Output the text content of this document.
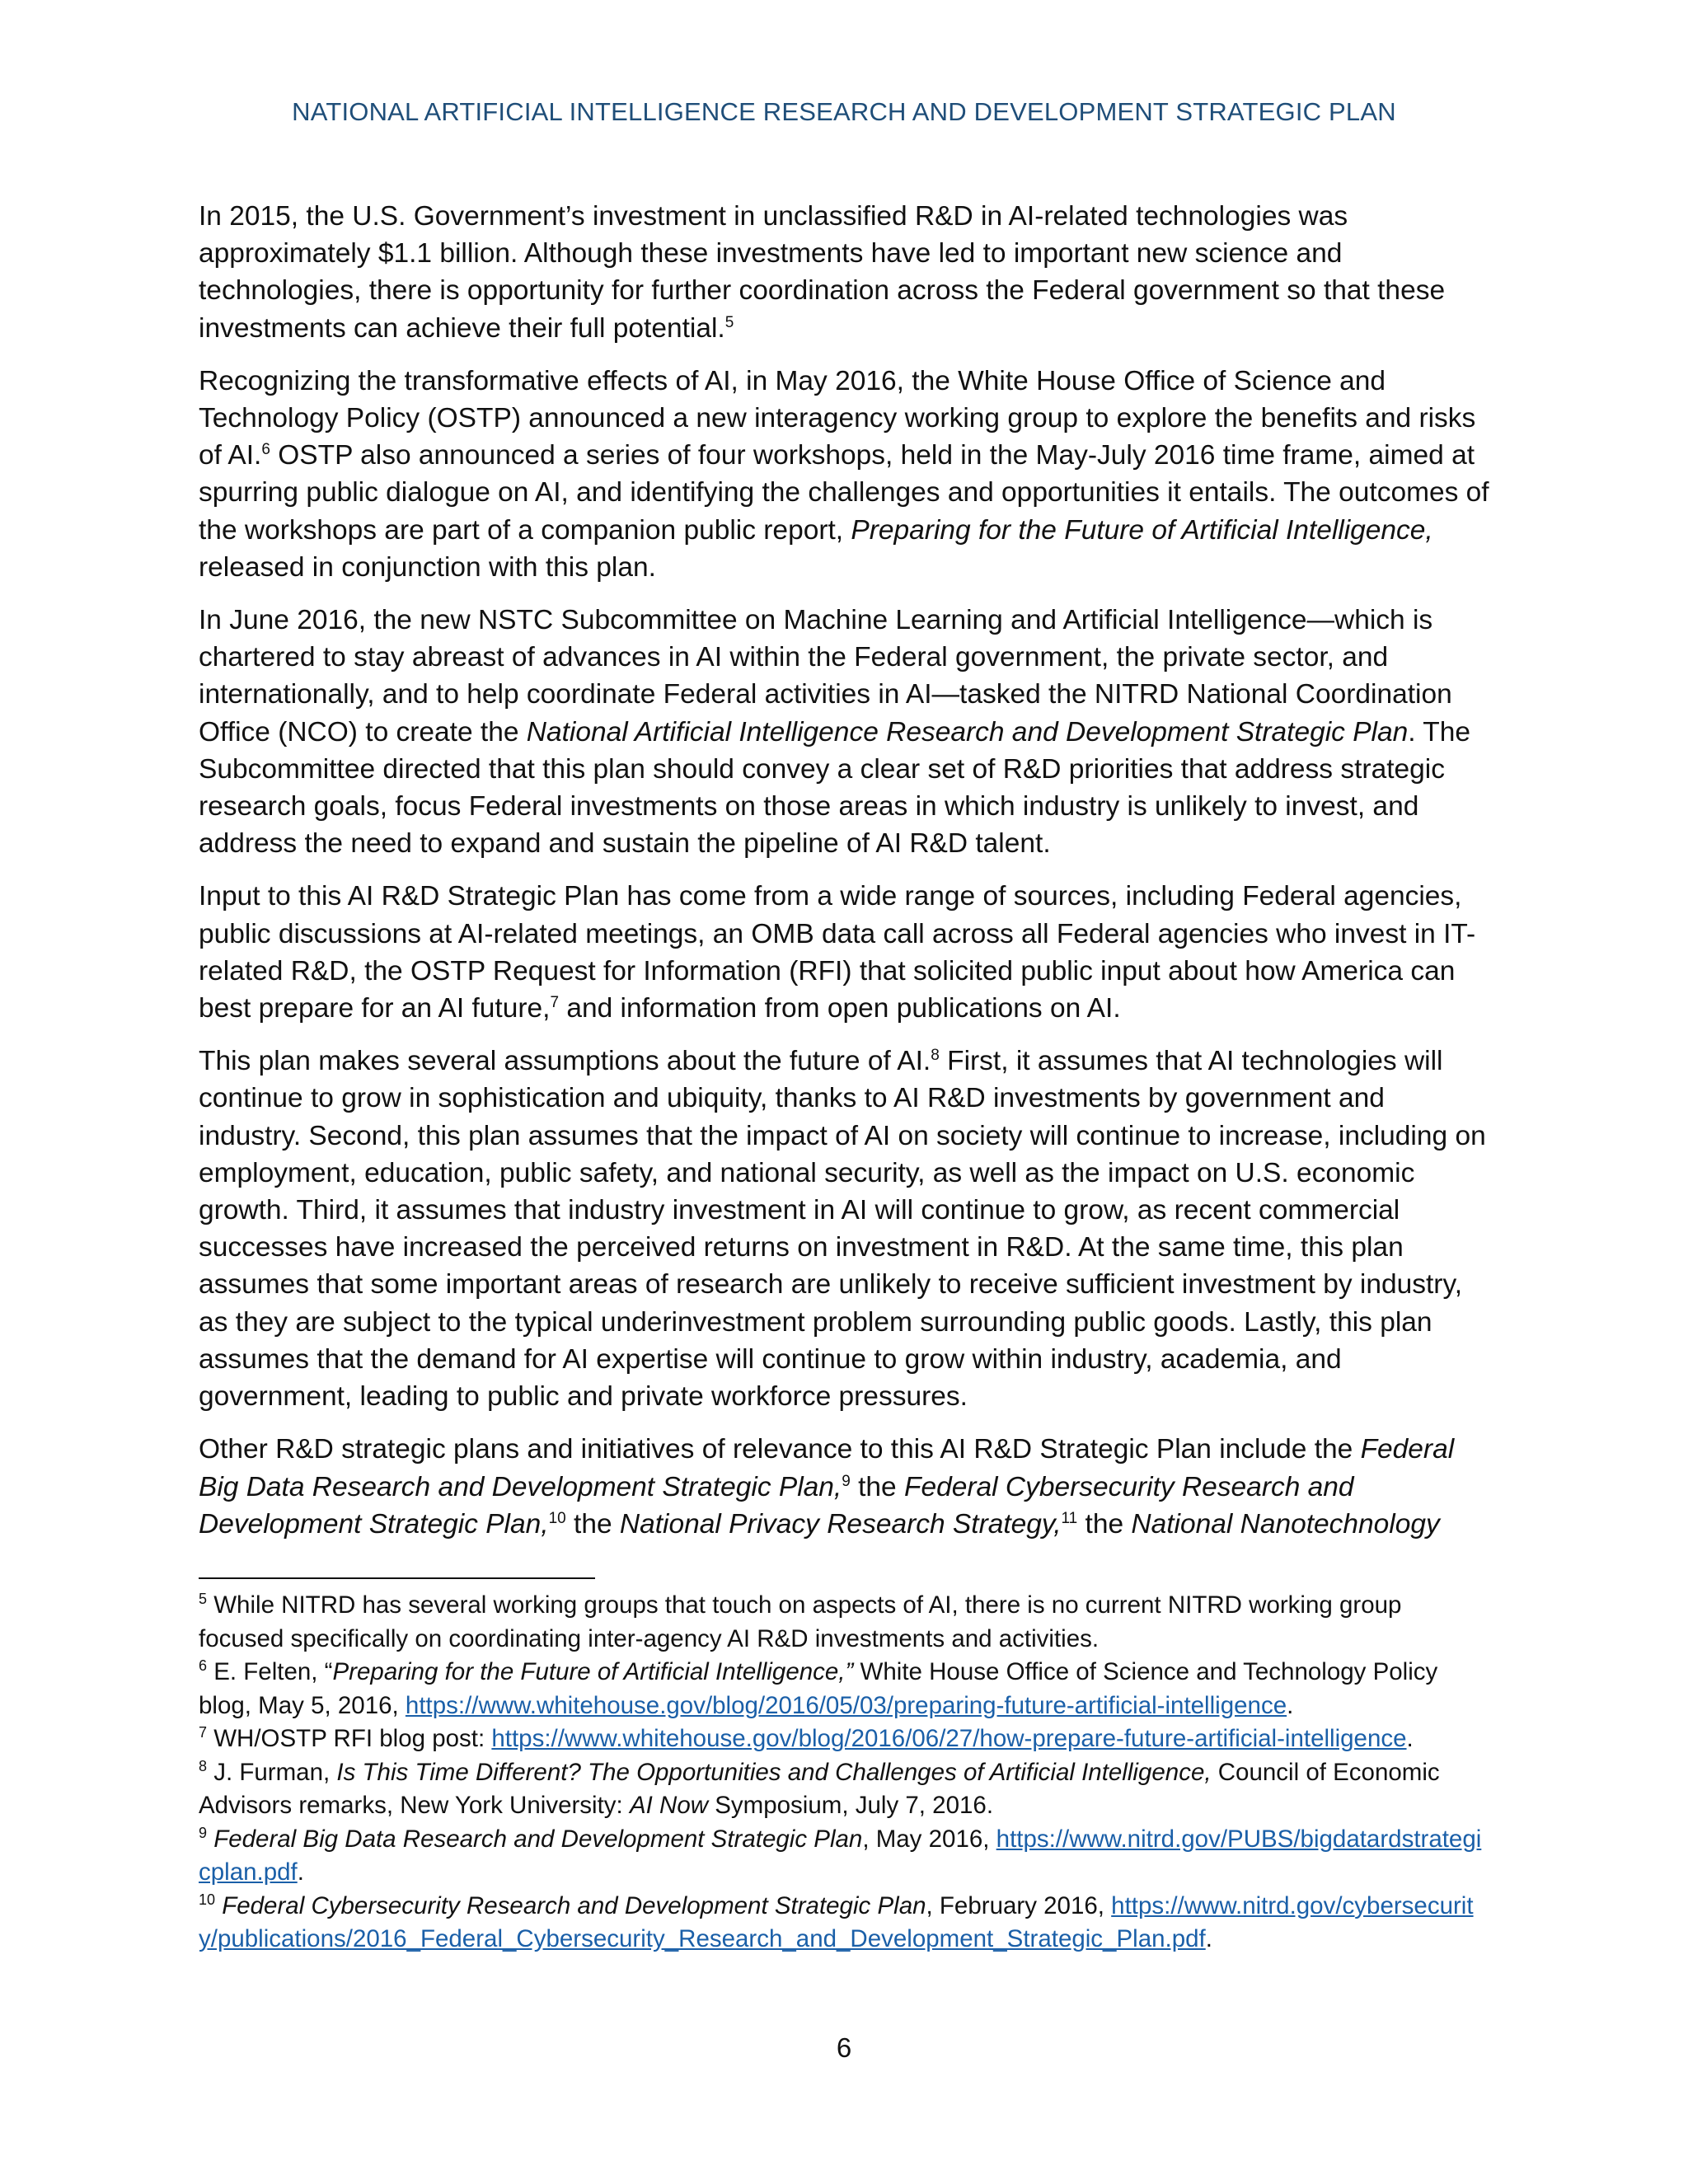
NATIONAL ARTIFICIAL INTELLIGENCE RESEARCH AND DEVELOPMENT STRATEGIC PLAN

In 2015, the U.S. Government’s investment in unclassified R&D in AI-related technologies was approximately $1.1 billion. Although these investments have led to important new science and technologies, there is opportunity for further coordination across the Federal government so that these investments can achieve their full potential.$^5$

Recognizing the transformative effects of AI, in May 2016, the White House Office of Science and Technology Policy (OSTP) announced a new interagency working group to explore the benefits and risks of AI.$^6$ OSTP also announced a series of four workshops, held in the May-July 2016 time frame, aimed at spurring public dialogue on AI, and identifying the challenges and opportunities it entails. The outcomes of the workshops are part of a companion public report, Preparing for the Future of Artificial Intelligence, released in conjunction with this plan.

In June 2016, the new NSTC Subcommittee on Machine Learning and Artificial Intelligence—which is chartered to stay abreast of advances in AI within the Federal government, the private sector, and internationally, and to help coordinate Federal activities in AI—tasked the NITRD National Coordination Office (NCO) to create the National Artificial Intelligence Research and Development Strategic Plan. The Subcommittee directed that this plan should convey a clear set of R&D priorities that address strategic research goals, focus Federal investments on those areas in which industry is unlikely to invest, and address the need to expand and sustain the pipeline of AI R&D talent.

Input to this AI R&D Strategic Plan has come from a wide range of sources, including Federal agencies, public discussions at AI-related meetings, an OMB data call across all Federal agencies who invest in IT-related R&D, the OSTP Request for Information (RFI) that solicited public input about how America can best prepare for an AI future,$^7$ and information from open publications on AI.

This plan makes several assumptions about the future of AI.$^8$ First, it assumes that AI technologies will continue to grow in sophistication and ubiquity, thanks to AI R&D investments by government and industry. Second, this plan assumes that the impact of AI on society will continue to increase, including on employment, education, public safety, and national security, as well as the impact on U.S. economic growth. Third, it assumes that industry investment in AI will continue to grow, as recent commercial successes have increased the perceived returns on investment in R&D. At the same time, this plan assumes that some important areas of research are unlikely to receive sufficient investment by industry, as they are subject to the typical underinvestment problem surrounding public goods. Lastly, this plan assumes that the demand for AI expertise will continue to grow within industry, academia, and government, leading to public and private workforce pressures.

Other R&D strategic plans and initiatives of relevance to this AI R&D Strategic Plan include the Federal Big Data Research and Development Strategic Plan,$^9$ the Federal Cybersecurity Research and Development Strategic Plan,$^{10}$ the National Privacy Research Strategy,$^{11}$ the National Nanotechnology

$^5$ While NITRD has several working groups that touch on aspects of AI, there is no current NITRD working group focused specifically on coordinating inter-agency AI R&D investments and activities.

$^6$ E. Felten, “Preparing for the Future of Artificial Intelligence,” White House Office of Science and Technology Policy blog, May 5, 2016, https://www.whitehouse.gov/blog/2016/05/03/preparing-future-artificial-intelligence.

$^7$ WH/OSTP RFI blog post: https://www.whitehouse.gov/blog/2016/06/27/how-prepare-future-artificial-intelligence.

$^8$ J. Furman, Is This Time Different? The Opportunities and Challenges of Artificial Intelligence, Council of Economic Advisors remarks, New York University: AI Now Symposium, July 7, 2016.

$^9$ Federal Big Data Research and Development Strategic Plan, May 2016, https://www.nitrd.gov/PUBS/bigdatardstrategicplan.pdf.

$^{10}$ Federal Cybersecurity Research and Development Strategic Plan, February 2016, https://www.nitrd.gov/cybersecurity/publications/2016_Federal_Cybersecurity_Research_and_Development_Strategic_Plan.pdf.

6
